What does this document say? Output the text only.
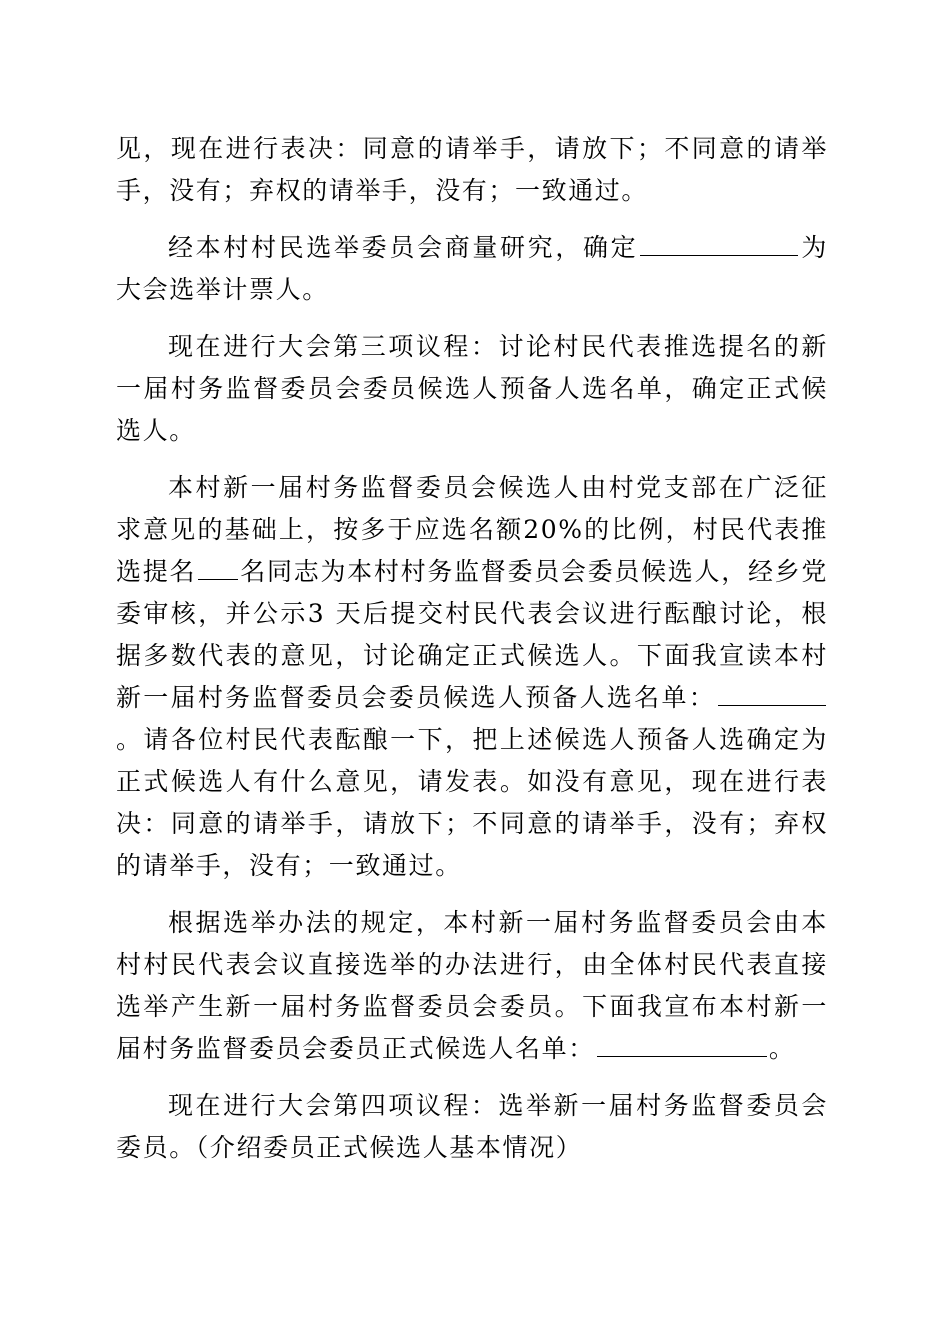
见，现在进行表决：同意的请举手，请放下；不同意的请举手，没有；弃权的请举手，没有；一致通过。

经本村村民选举委员会商量研究，确定	为大会选举计票人。

现在进行大会第三项议程：讨论村民代表推选提名的新一届村务监督委员会委员候选人预备人选名单，确定正式候选人。

本村新一届村务监督委员会候选人由村党支部在广泛征求意见的基础上，按多于应选名额20%的比例，村民代表推选提名 名同志为本村村务监督委员会委员候选人，经乡党委审核，并公示3 天后提交村民代表会议进行酝酿讨论，根据多数代表的意见，讨论确定正式候选人。下面我宣读本村新一届村务监督委员会委员候选人预备人选名单：。请各位村民代表酝酿一下，把上述候选人预备人选确定为正式候选人有什么意见，请发表。如没有意见，现在进行表决：同意的请举手，请放下；不同意的请举手，没有；弃权的请举手，没有；一致通过。

根据选举办法的规定，本村新一届村务监督委员会由本村村民代表会议直接选举的办法进行，由全体村民代表直接选举产生新一届村务监督委员会委员。下面我宣布本村新一届村务监督委员会委员正式候选人名单：	。

现在进行大会第四项议程：选举新一届村务监督委员会委员。（介绍委员正式候选人基本情况）
